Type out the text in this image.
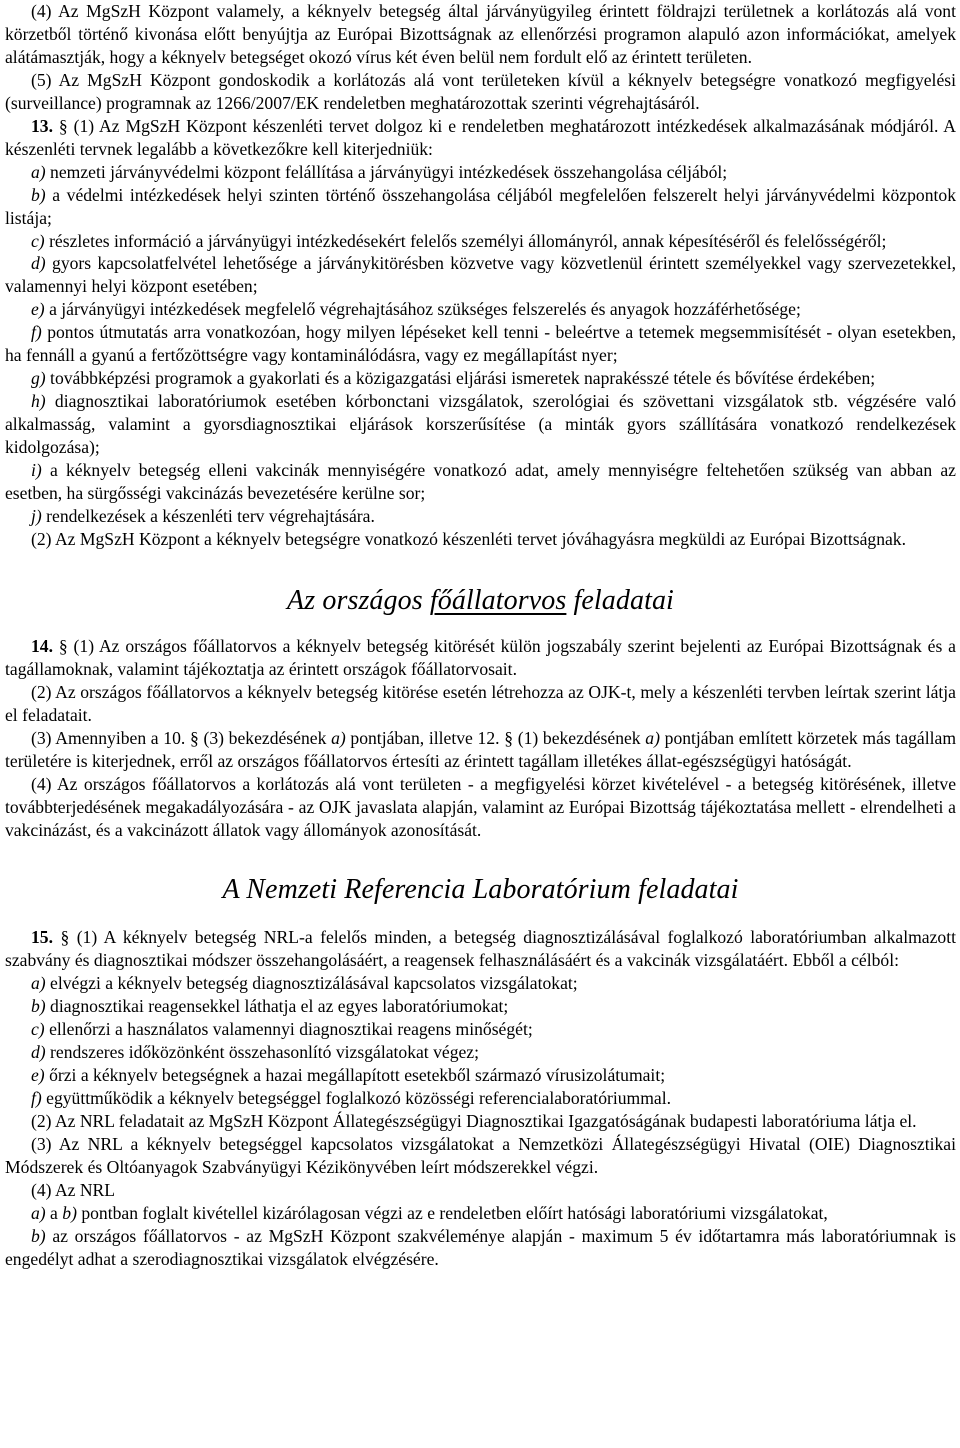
(4) Az MgSzH Központ valamely, a kéknyelv betegség által járványügyileg érintett földrajzi területnek a korlátozás alá vont körzetből történő kivonása előtt benyújtja az Európai Bizottságnak az ellenőrzési programon alapuló azon információkat, amelyek alátámasztják, hogy a kéknyelv betegséget okozó vírus két éven belül nem fordult elő az érintett területen.

(5) Az MgSzH Központ gondoskodik a korlátozás alá vont területeken kívül a kéknyelv betegségre vonatkozó megfigyelési (surveillance) programnak az 1266/2007/EK rendeletben meghatározottak szerinti végrehajtásáról.

13. § (1) Az MgSzH Központ készenléti tervet dolgoz ki e rendeletben meghatározott intézkedések alkalmazásának módjáról. A készenléti tervnek legalább a következőkre kell kiterjedniük:

a) nemzeti járványvédelmi központ felállítása a járványügyi intézkedések összehangolása céljából;

b) a védelmi intézkedések helyi szinten történő összehangolása céljából megfelelően felszerelt helyi járványvédelmi központok listája;

c) részletes információ a járványügyi intézkedésekért felelős személyi állományról, annak képesítéséről és felelősségéről;

d) gyors kapcsolatfelvétel lehetősége a járványkitörésben közvetve vagy közvetlenül érintett személyekkel vagy szervezetekkel, valamennyi helyi központ esetében;

e) a járványügyi intézkedések megfelelő végrehajtásához szükséges felszerelés és anyagok hozzáférhetősége;

f) pontos útmutatás arra vonatkozóan, hogy milyen lépéseket kell tenni - beleértve a tetemek megsemmisítését - olyan esetekben, ha fennáll a gyanú a fertőzöttségre vagy kontaminálódásra, vagy ez megállapítást nyer;

g) továbbképzési programok a gyakorlati és a közigazgatási eljárási ismeretek naprakésszé tétele és bővítése érdekében;

h) diagnosztikai laboratóriumok esetében kórbonctani vizsgálatok, szerológiai és szövettani vizsgálatok stb. végzésére való alkalmasság, valamint a gyorsdiagnosztikai eljárások korszerűsítése (a minták gyors szállítására vonatkozó rendelkezések kidolgozása);

i) a kéknyelv betegség elleni vakcinák mennyiségére vonatkozó adat, amely mennyiségre feltehetően szükség van abban az esetben, ha sürgősségi vakcinázás bevezetésére kerülne sor;

j) rendelkezések a készenléti terv végrehajtására.

(2) Az MgSzH Központ a kéknyelv betegségre vonatkozó készenléti tervet jóváhagyásra megküldi az Európai Bizottságnak.

Az országos főállatorvos feladatai

14. § (1) Az országos főállatorvos a kéknyelv betegség kitörését külön jogszabály szerint bejelenti az Európai Bizottságnak és a tagállamoknak, valamint tájékoztatja az érintett országok főállatorvosait.

(2) Az országos főállatorvos a kéknyelv betegség kitörése esetén létrehozza az OJK-t, mely a készenléti tervben leírtak szerint látja el feladatait.

(3) Amennyiben a 10. § (3) bekezdésének a) pontjában, illetve 12. § (1) bekezdésének a) pontjában említett körzetek más tagállam területére is kiterjednek, erről az országos főállatorvos értesíti az érintett tagállam illetékes állat-egészségügyi hatóságát.

(4) Az országos főállatorvos a korlátozás alá vont területen - a megfigyelési körzet kivételével - a betegség kitörésének, illetve továbbterjedésének megakadályozására - az OJK javaslata alapján, valamint az Európai Bizottság tájékoztatása mellett - elrendelheti a vakcinázást, és a vakcinázott állatok vagy állományok azonosítását.

A Nemzeti Referencia Laboratórium feladatai

15. § (1) A kéknyelv betegség NRL-a felelős minden, a betegség diagnosztizálásával foglalkozó laboratóriumban alkalmazott szabvány és diagnosztikai módszer összehangolásáért, a reagensek felhasználásáért és a vakcinák vizsgálatáért. Ebből a célból:

a) elvégzi a kéknyelv betegség diagnosztizálásával kapcsolatos vizsgálatokat;

b) diagnosztikai reagensekkel láthatja el az egyes laboratóriumokat;

c) ellenőrzi a használatos valamennyi diagnosztikai reagens minőségét;

d) rendszeres időközönként összehasonlító vizsgálatokat végez;

e) őrzi a kéknyelv betegségnek a hazai megállapított esetekből származó vírusizolátumait;

f) együttműködik a kéknyelv betegséggel foglalkozó közösségi referencialaboratóriummal.

(2) Az NRL feladatait az MgSzH Központ Állategészségügyi Diagnosztikai Igazgatóságának budapesti laboratóriuma látja el.

(3) Az NRL a kéknyelv betegséggel kapcsolatos vizsgálatokat a Nemzetközi Állategészségügyi Hivatal (OIE) Diagnosztikai Módszerek és Oltóanyagok Szabványügyi Kézikönyvében leírt módszerekkel végzi.

(4) Az NRL

a) a b) pontban foglalt kivétellel kizárólagosan végzi az e rendeletben előírt hatósági laboratóriumi vizsgálatokat,

b) az országos főállatorvos - az MgSzH Központ szakvéleménye alapján - maximum 5 év időtartamra más laboratóriumnak is engedélyt adhat a szerodiagnosztikai vizsgálatok elvégzésére.
